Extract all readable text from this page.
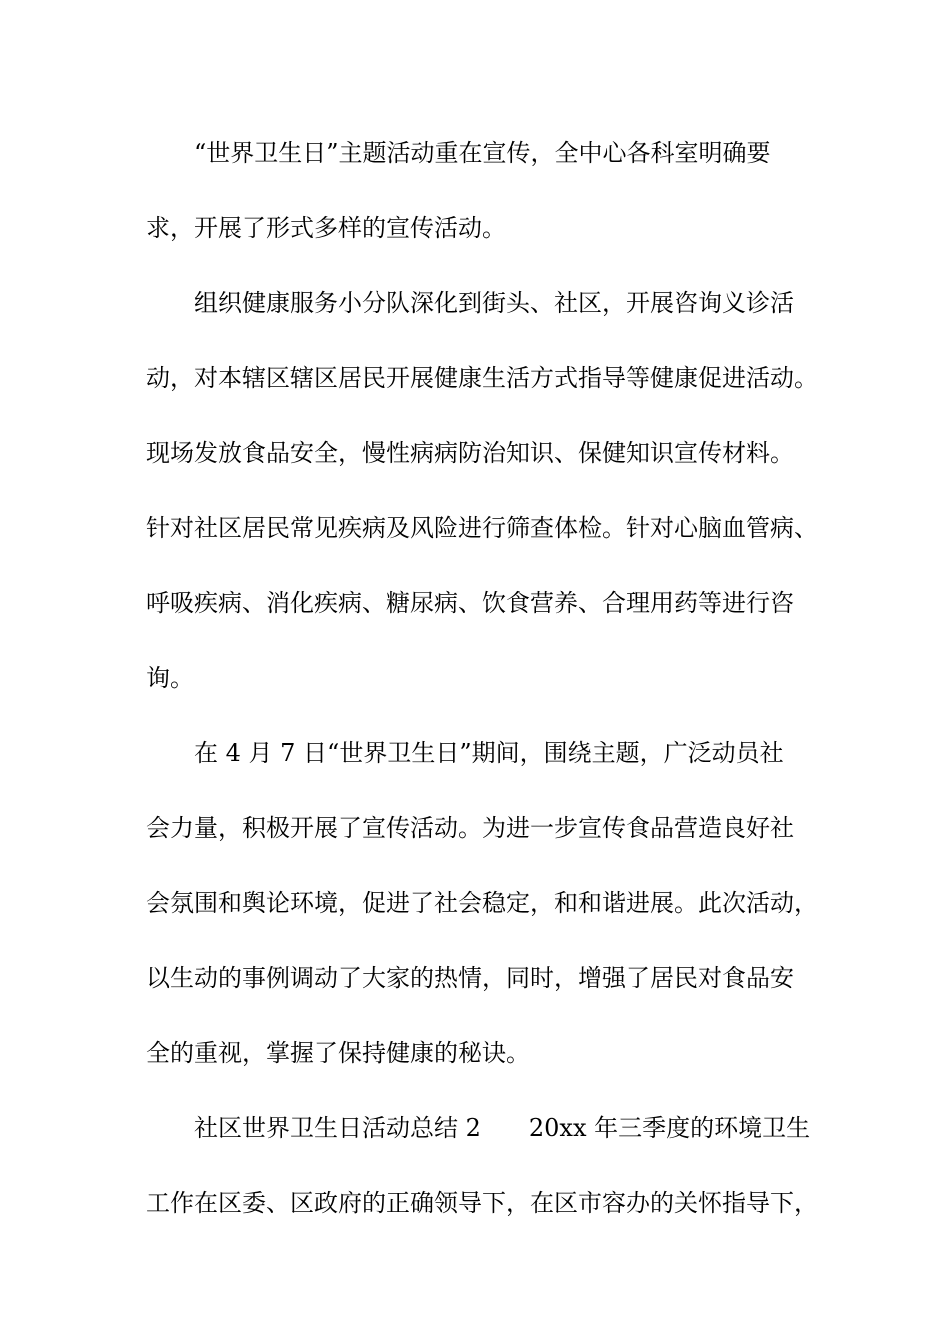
“世界卫生日”主题活动重在宣传，全中心各科室明确要
求，开展了形式多样的宣传活动。
组织健康服务小分队深化到街头、社区，开展咨询义诊活
动，对本辖区辖区居民开展健康生活方式指导等健康促进活动。
现场发放食品安全，慢性病病防治知识、保健知识宣传材料。
针对社区居民常见疾病及风险进行筛查体检。针对心脑血管病、
呼吸疾病、消化疾病、糖尿病、饮食营养、合理用药等进行咨
询。
在 4 月 7 日“世界卫生日”期间，围绕主题，广泛动员社
会力量，积极开展了宣传活动。为进一步宣传食品营造良好社
会氛围和舆论环境，促进了社会稳定，和和谐进展。此次活动，
以生动的事例调动了大家的热情，同时，增强了居民对食品安
全的重视，掌握了保持健康的秘诀。
社区世界卫生日活动总结 2　　20xx 年三季度的环境卫生
工作在区委、区政府的正确领导下，在区市容办的关怀指导下，
